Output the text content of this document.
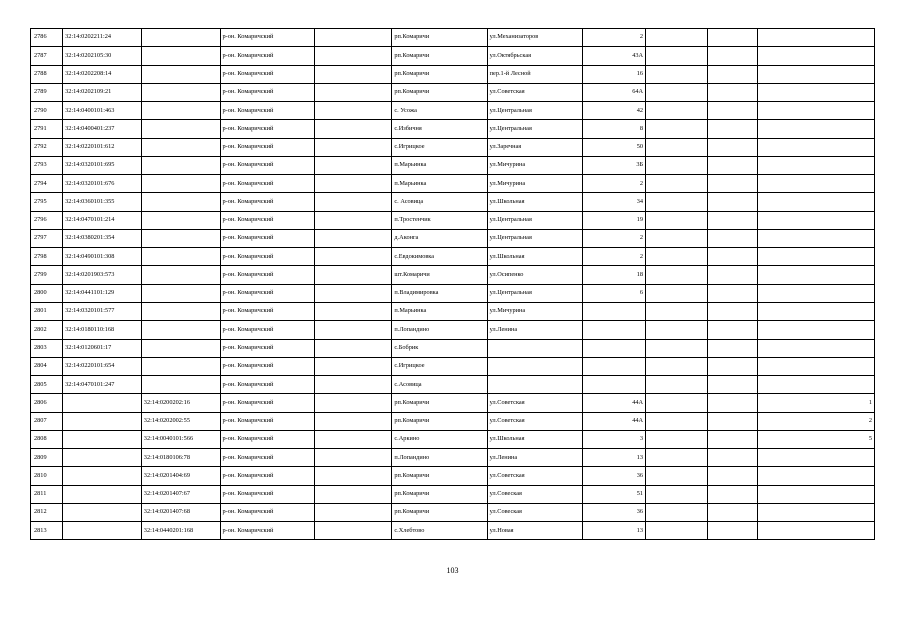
2786	32:14:0202211:24		р-он. Комаричский		рп.Комаричи	ул.Механизаторов	2			
2787	32:14:0202105:30		р-он. Комаричский		рп.Комаричи	ул.Октябрьская	43А			
2788	32:14:0202208:14		р-он. Комаричский		рп.Комаричи	пер.1-й Лесной	16			
2789	32:14:0202109:21		р-он. Комаричский		рп.Комаричи	ул.Советская	64А			
2790	32:14:0400101:463		р-он. Комаричский		с. Усожа	ул.Центральная	42			
2791	32:14:0400401:237		р-он. Комаричский		с.Избичня	ул.Центральная	8			
2792	32:14:0220101:612		р-он. Комаричский		с.Игрицкое	ул.Заречная	50			
2793	32:14:0320101:695		р-он. Комаричский		п.Марьинка	ул.Мичурина	3Б			
2794	32:14:0320101:676		р-он. Комаричский		п.Марьинка	ул.Мичурина	2			
2795	32:14:0360101:355		р-он. Комаричский		с. Асовица	ул.Школьная	34			
2796	32:14:0470101:214		р-он. Комаричский		п.Тростенчик	ул.Центральная	19			
2797	32:14:0380201:354		р-он. Комаричский		д.Аконга	ул.Центральная	2			
2798	32:14:0490101:308		р-он. Комаричский		с.Евдокимовка	ул.Школьная	2			
2799	32:14:0201903:573		р-он. Комаричский		шт.Комаричи	ул.Осипенко	18			
2800	32:14:0441101:129		р-он. Комаричский		п.Владимировка	ул.Центральная	6			
2801	32:14:0320101:577		р-он. Комаричский		п.Марьинка	ул.Мичурина				
2802	32:14:0180110:168		р-он. Комаричский		п.Лопандино	ул.Ленина				
2803	32:14:0120601:17		р-он. Комаричский		с.Бобрик					
2804	32:14:0220101:654		р-он. Комаричский		с.Игрицкое					
2805	32:14:0470101:247		р-он. Комаричский		с.Асовица					
2806		32:14:0200202:16	р-он. Комаричский		рп.Комаричи	ул.Советская	44А			1
2807		32:14:0202002:55	р-он. Комаричский		рп.Комаричи	ул.Советская	44А			2
2808		32:14:0040101:566	р-он. Комаричский		с.Аркино	ул.Школьная	3			5
2809		32:14:0180106:78	р-он. Комаричский		п.Лопандино	ул.Ленина	13			
2810		32:14:0201404:69	р-он. Комаричский		рп.Комаричи	ул.Советская	36			
2811		32:14:0201407:67	р-он. Комаричский		рп.Комаричи	ул.Совеская	51			
2812		32:14:0201407:68	р-он. Комаричский		рп.Комаричи	ул.Совеская	36			
2813		32:14:0440201:168	р-он. Комаричский		с.Хлебтово	ул.Новая	13			
103
